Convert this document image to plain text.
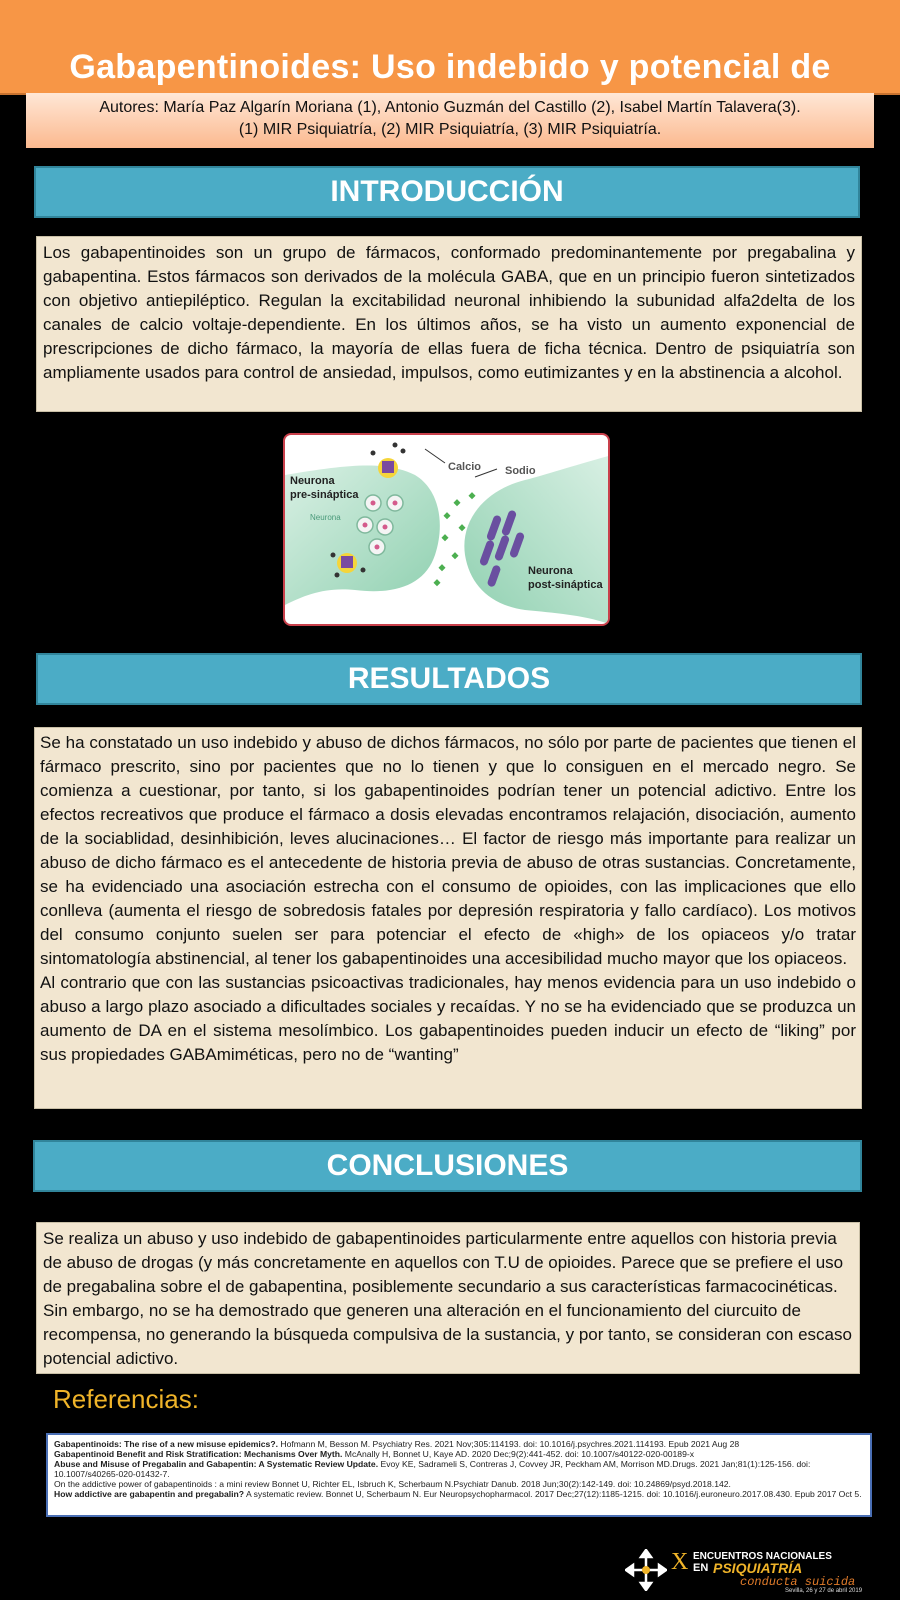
Gabapentinoides: Uso indebido y potencial de
Autores: María Paz Algarín Moriana (1), Antonio Guzmán del Castillo (2), Isabel Martín Talavera(3).
(1) MIR Psiquiatría, (2) MIR Psiquiatría, (3) MIR Psiquiatría.
INTRODUCCIÓN
Los gabapentinoides son un grupo de fármacos, conformado predominantemente por pregabalina y gabapentina. Estos fármacos son derivados de la molécula GABA, que en un principio fueron sintetizados con objetivo antiepiléptico. Regulan la excitabilidad neuronal inhibiendo la subunidad alfa2delta de los canales de calcio voltaje-dependiente. En los últimos años, se ha visto un aumento exponencial de prescripciones de dicho fármaco, la mayoría de ellas fuera de ficha técnica. Dentro de psiquiatría son ampliamente usados para control de ansiedad, impulsos, como eutimizantes y en la abstinencia a alcohol.
Neurona
pre-sináptica
Neurona
Calcio Sodio
Neurona
post-sináptica
RESULTADOS
Se ha constatado un uso indebido y abuso de dichos fármacos, no sólo por parte de pacientes que tienen el fármaco prescrito, sino por pacientes que no lo tienen y que lo consiguen en el mercado negro. Se comienza a cuestionar, por tanto, si los gabapentinoides podrían tener un potencial adictivo. Entre los efectos recreativos que produce el fármaco a dosis elevadas encontramos relajación, disociación, aumento de la sociablidad, desinhibición, leves alucinaciones… El factor de riesgo más importante para realizar un abuso de dicho fármaco es el antecedente de historia previa de abuso de otras sustancias. Concretamente, se ha evidenciado una asociación estrecha con el consumo de opioides, con las implicaciones que ello conlleva (aumenta el riesgo de sobredosis fatales por depresión respiratoria y fallo cardíaco). Los motivos del consumo conjunto suelen ser para potenciar el efecto de «high» de los opiaceos y/o tratar sintomatología abstinencial, al tener los gabapentinoides una accesibilidad mucho mayor que los opiaceos.
Al contrario que con las sustancias psicoactivas tradicionales, hay menos evidencia para un uso indebido o abuso a largo plazo asociado a dificultades sociales y recaídas. Y no se ha evidenciado que se produzca un aumento de DA en el sistema mesolímbico. Los gabapentinoides pueden inducir un efecto de “liking” por sus propiedades GABAmiméticas, pero no de “wanting”
CONCLUSIONES
Se realiza un abuso y uso indebido de gabapentinoides particularmente entre aquellos con historia previa de abuso de drogas (y más concretamente en aquellos con T.U de opioides. Parece que se prefiere el uso de pregabalina sobre el de gabapentina, posiblemente secundario a sus características farmacocinéticas. Sin embargo, no se ha demostrado que generen una alteración en el funcionamiento del ciurcuito de recompensa, no generando la búsqueda compulsiva de la sustancia, y por tanto, se consideran con escaso potencial adictivo.
Referencias:
Gabapentinoids: The rise of a new misuse epidemics?. Hofmann M, Besson M. Psychiatry Res. 2021 Nov;305:114193. doi: 10.1016/j.psychres.2021.114193. Epub 2021 Aug 28
Gabapentinoid Benefit and Risk Stratification: Mechanisms Over Myth. McAnally H, Bonnet U, Kaye AD. 2020 Dec;9(2):441-452. doi: 10.1007/s40122-020-00189-x
Abuse and Misuse of Pregabalin and Gabapentin: A Systematic Review Update. Evoy KE, Sadrameli S, Contreras J, Covvey JR, Peckham AM, Morrison MD.Drugs. 2021 Jan;81(1):125-156. doi: 10.1007/s40265-020-01432-7.
On the addictive power of gabapentinoids : a mini review Bonnet U, Richter EL, Isbruch K, Scherbaum N.Psychiatr Danub. 2018 Jun;30(2):142-149. doi: 10.24869/psyd.2018.142.
How addictive are gabapentin and pregabalin? A systematic review. Bonnet U, Scherbaum N. Eur Neuropsychopharmacol. 2017 Dec;27(12):1185-1215. doi: 10.1016/j.euroneuro.2017.08.430. Epub 2017 Oct 5.
X ENCUENTROS NACIONALES
EN PSIQUIATRÍA
conducta suicida
Sevilla, 26 y 27 de abril 2019
